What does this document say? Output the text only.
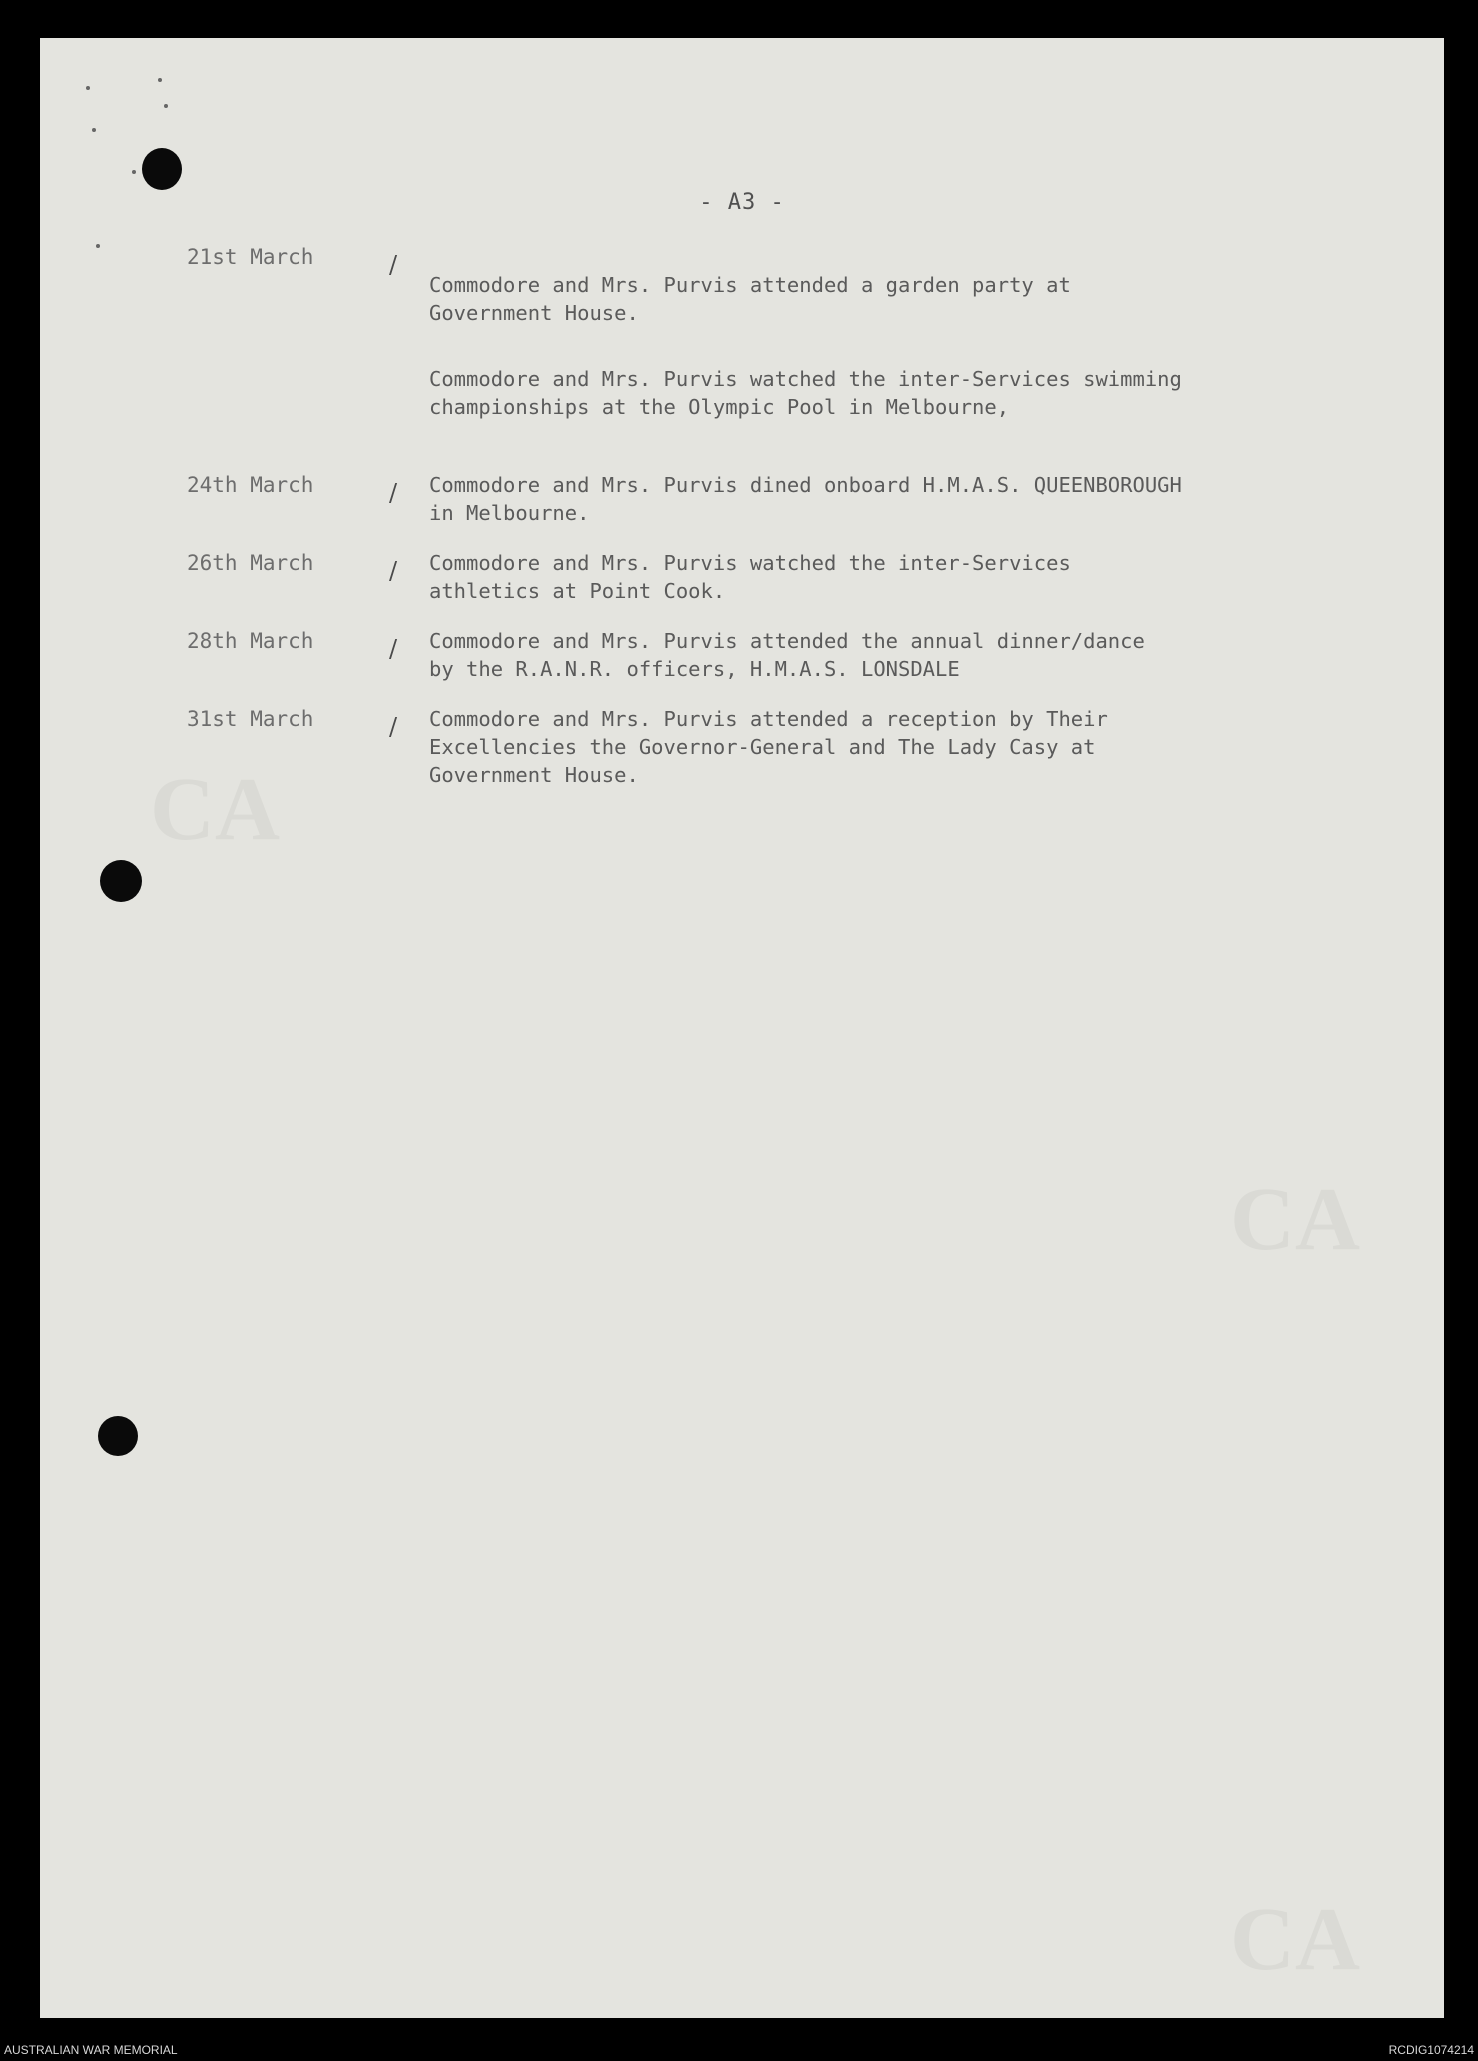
CA
CA
CA
- A3 -
21st March	/

Commodore and Mrs. Purvis attended a garden party at
Government House.

Commodore and Mrs. Purvis watched the inter-Services swimming
championships at the Olympic Pool in Melbourne,

24th March	/	Commodore and Mrs. Purvis dined onboard H.M.A.S. QUEENBOROUGH
in Melbourne.
26th March	/	Commodore and Mrs. Purvis watched the inter-Services
athletics at Point Cook.
28th March	/	Commodore and Mrs. Purvis attended the annual dinner/dance
by the R.A.N.R. officers, H.M.A.S. LONSDALE
31st March	/	Commodore and Mrs. Purvis attended a reception by Their
Excellencies the Governor-General and The Lady Casy at
Government House.
AUSTRALIAN WAR MEMORIAL	RCDIG1074214
